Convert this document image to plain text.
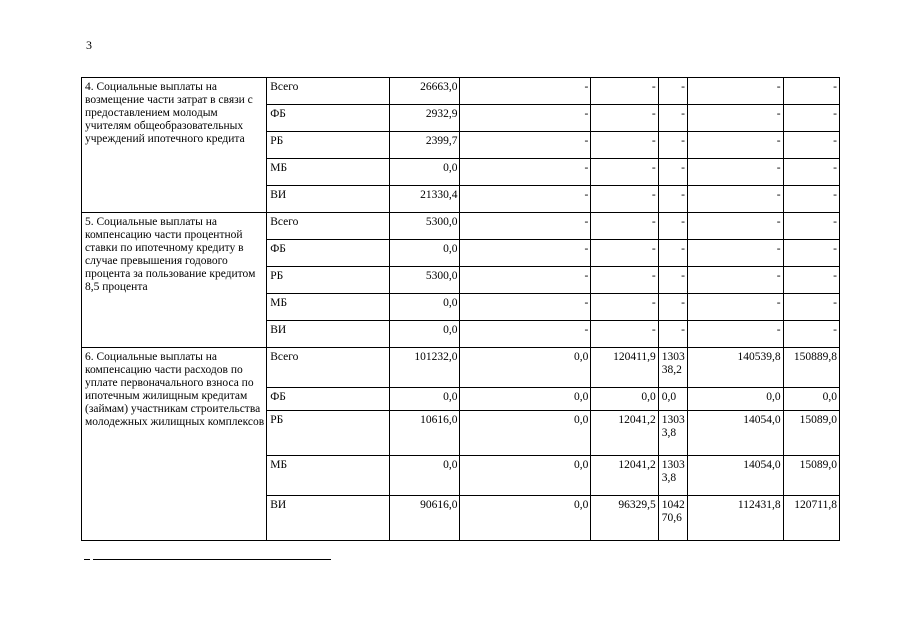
3
4. Социальные выплаты на возмещение части затрат в связи с предоставлением молодым учителям общеобразовательных учреждений ипотечного кредита	Всего	26663,0	-	-	-	-	-
	ФБ	2932,9	-	-	-	-	-
	РБ	2399,7	-	-	-	-	-
	МБ	0,0	-	-	-	-	-
	ВИ	21330,4	-	-	-	-	-
5. Социальные выплаты на компенсацию части процентной ставки по ипотечному кредиту в случае превышения годового процента за пользование кредитом 8,5 процента	Всего	5300,0	-	-	-	-	-
	ФБ	0,0	-	-	-	-	-
	РБ	5300,0	-	-	-	-	-
	МБ	0,0	-	-	-	-	-
	ВИ	0,0	-	-	-	-	-
6. Социальные выплаты на компенсацию части расходов по уплате первоначального взноса по ипотечным жилищным кредитам (займам) участникам строительства молодежных жилищных комплексов	Всего	101232,0	0,0	120411,9	130338,2	140539,8	150889,8
	ФБ	0,0	0,0	0,0	0,0	0,0	0,0
	РБ	10616,0	0,0	12041,2	13033,8	14054,0	15089,0
	МБ	0,0	0,0	12041,2	13033,8	14054,0	15089,0
	ВИ	90616,0	0,0	96329,5	104270,6	112431,8	120711,8
